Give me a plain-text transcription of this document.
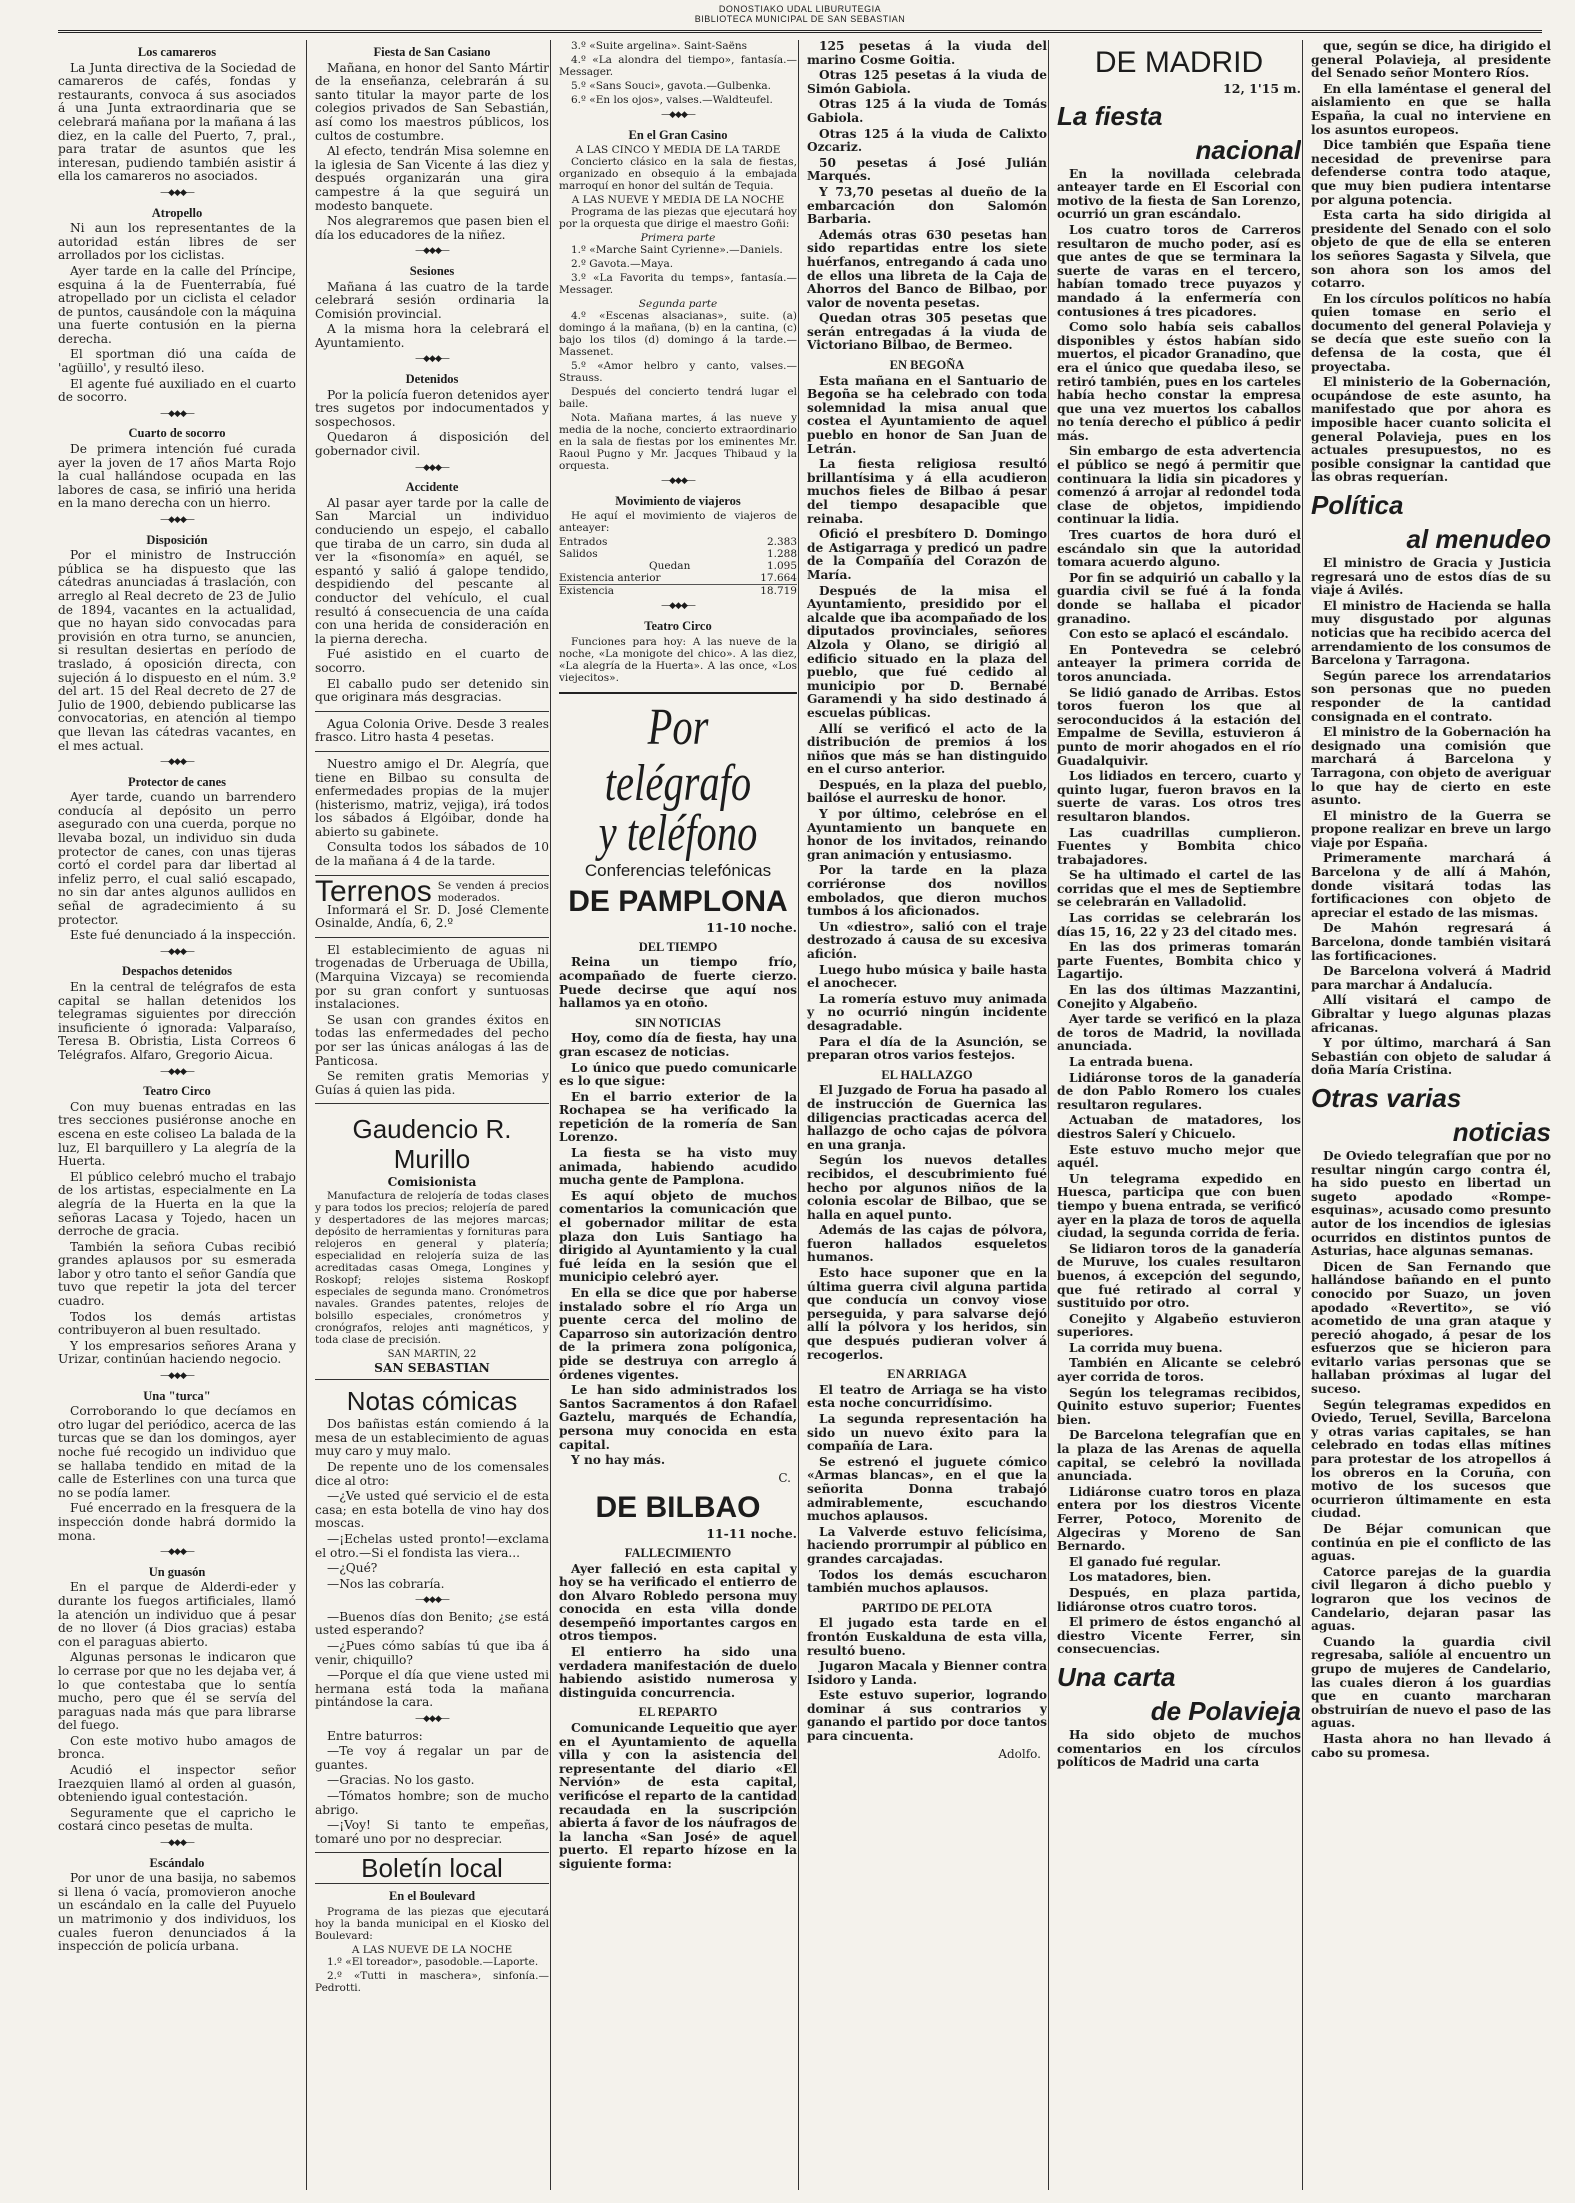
DONOSTIAKO UDAL LIBURUTEGIA
BIBLIOTECA MUNICIPAL DE SAN SEBASTIAN
Los camareros

La Junta directiva de la Sociedad de camareros de cafés, fondas y restaurants, convoca á sus asociados á una Junta extraordinaria que se celebrará mañana por la mañana á las diez, en la calle del Puerto, 7, pral., para tratar de asuntos que les interesan, pudiendo también asistir á ella los camareros no asociados.

—◆◆◆—
Atropello

Ni aun los representantes de la autoridad están libres de ser arrollados por los ciclistas.

Ayer tarde en la calle del Príncipe, esquina á la de Fuenterrabía, fué atropellado por un ciclista el celador de puntos, causándole con la máquina una fuerte contusión en la pierna derecha.

El sportman dió una caída de 'agüillo', y resultó ileso.

El agente fué auxiliado en el cuarto de socorro.

—◆◆◆—
Cuarto de socorro

De primera intención fué curada ayer la joven de 17 años Marta Rojo la cual hallándose ocupada en las labores de casa, se infirió una herida en la mano derecha con un hierro.

—◆◆◆—
Disposición

Por el ministro de Instrucción pública se ha dispuesto que las cátedras anunciadas á traslación, con arreglo al Real decreto de 23 de Julio de 1894, vacantes en la actualidad, que no hayan sido convocadas para provisión en otra turno, se anuncien, si resultan desiertas en período de traslado, á oposición directa, con sujeción á lo dispuesto en el núm. 3.º del art. 15 del Real decreto de 27 de Julio de 1900, debiendo publicarse las convocatorias, en atención al tiempo que llevan las cátedras vacantes, en el mes actual.

—◆◆◆—
Protector de canes

Ayer tarde, cuando un barrendero conducía al depósito un perro asegurado con una cuerda, porque no llevaba bozal, un individuo sin duda protector de canes, con unas tijeras cortó el cordel para dar libertad al infeliz perro, el cual salió escapado, no sin dar antes algunos aullidos en señal de agradecimiento á su protector.

Este fué denunciado á la inspección.

—◆◆◆—
Despachos detenidos

En la central de telégrafos de esta capital se hallan detenidos los telegramas siguientes por dirección insuficiente ó ignorada: Valparaíso, Teresa B. Obristia, Lista Correos 6 Telégrafos. Alfaro, Gregorio Aicua.

—◆◆◆—
Teatro Circo

Con muy buenas entradas en las tres secciones pusiéronse anoche en escena en este coliseo La balada de la luz, El barquillero y La alegría de la Huerta.

El público celebró mucho el trabajo de los artistas, especialmente en La alegría de la Huerta en la que la señoras Lacasa y Tojedo, hacen un derroche de gracia.

También la señora Cubas recibió grandes aplausos por su esmerada labor y otro tanto el señor Gandía que tuvo que repetir la jota del tercer cuadro.

Todos los demás artistas contribuyeron al buen resultado.

Y los empresarios señores Arana y Urizar, continúan haciendo negocio.

—◆◆◆—
Una "turca"

Corroborando lo que decíamos en otro lugar del periódico, acerca de las turcas que se dan los domingos, ayer noche fué recogido un individuo que se hallaba tendido en mitad de la calle de Esterlines con una turca que no se podía lamer.

Fué encerrado en la fresquera de la inspección donde habrá dormido la mona.

—◆◆◆—
Un guasón

En el parque de Alderdi-eder y durante los fuegos artificiales, llamó la atención un individuo que á pesar de no llover (á Dios gracias) estaba con el paraguas abierto.

Algunas personas le indicaron que lo cerrase por que no les dejaba ver, á lo que contestaba que lo sentía mucho, pero que él se servía del paraguas nada más que para librarse del fuego.

Con este motivo hubo amagos de bronca.

Acudió el inspector señor Iraezquien llamó al orden al guasón, obteniendo igual contestación.

Seguramente que el capricho le costará cinco pesetas de multa.

—◆◆◆—
Escándalo

Por unor de una basija, no sabemos si llena ó vacía, promovieron anoche un escándalo en la calle del Puyuelo un matrimonio y dos individuos, los cuales fueron denunciados á la inspección de policía urbana.

Fiesta de San Casiano

Mañana, en honor del Santo Mártir de la enseñanza, celebrarán á su santo titular la mayor parte de los colegios privados de San Sebastián, así como los maestros públicos, los cultos de costumbre.

Al efecto, tendrán Misa solemne en la iglesia de San Vicente á las diez y después organizarán una gira campestre á la que seguirá un modesto banquete.

Nos alegraremos que pasen bien el día los educadores de la niñez.

—◆◆◆—
Sesiones

Mañana á las cuatro de la tarde celebrará sesión ordinaria la Comisión provincial.

A la misma hora la celebrará el Ayuntamiento.

—◆◆◆—
Detenidos

Por la policía fueron detenidos ayer tres sugetos por indocumentados y sospechosos.

Quedaron á disposición del gobernador civil.

—◆◆◆—
Accidente

Al pasar ayer tarde por la calle de San Marcial un individuo conduciendo un espejo, el caballo que tiraba de un carro, sin duda al ver la «fisonomía» en aquél, se espantó y salió á galope tendido, despidiendo del pescante al conductor del vehículo, el cual resultó á consecuencia de una caída con una herida de consideración en la pierna derecha.

Fué asistido en el cuarto de socorro.

El caballo pudo ser detenido sin que originara más desgracias.

Agua Colonia Orive. Desde 3 reales frasco. Litro hasta 4 pesetas.

Nuestro amigo el Dr. Alegría, que tiene en Bilbao su consulta de enfermedades propias de la mujer (histerismo, matriz, vejiga), irá todos los sábados á Elgóibar, donde ha abierto su gabinete.

Consulta todos los sábados de 10 de la mañana á 4 de la tarde.

Terrenos Se venden á precios moderados.

Informará el Sr. D. José Clemente Osinalde, Andía, 6, 2.º

El establecimiento de aguas ni trogenadas de Urberuaga de Ubilla, (Marquina Vizcaya) se recomienda por su gran confort y suntuosas instalaciones.

Se usan con grandes éxitos en todas las enfermedades del pecho por ser las únicas análogas á las de Panticosa.

Se remiten gratis Memorias y Guías á quien las pida.

Gaudencio R. Murillo
Comisionista

Manufactura de relojería de todas clases y para todos los precios; relojería de pared y despertadores de las mejores marcas; depósito de herramientas y fornituras para relojeros en general y platería; especialidad en relojería suiza de las acreditadas casas Omega, Longines y Roskopf; relojes sistema Roskopf especiales de segunda mano. Cronómetros navales. Grandes patentes, relojes de bolsillo especiales, cronómetros y cronógrafos, relojes anti magnéticos, y toda clase de precisión.

SAN MARTIN, 22
SAN SEBASTIAN
Notas cómicas

Dos bañistas están comiendo á la mesa de un establecimiento de aguas muy caro y muy malo.

De repente uno de los comensales dice al otro:

—¿Ve usted qué servicio el de esta casa; en esta botella de vino hay dos moscas.

—¡Echelas usted pronto!—exclama el otro.—Si el fondista las viera...

—¿Qué?

—Nos las cobraría.

—◆◆◆—

—Buenos días don Benito; ¿se está usted esperando?

—¿Pues cómo sabías tú que iba á venir, chiquillo?

—Porque el día que viene usted mi hermana está toda la mañana pintándose la cara.

—◆◆◆—

Entre baturros:

—Te voy á regalar un par de guantes.

—Gracias. No los gasto.

—Tómatos hombre; son de mucho abrigo.

—¡Voy! Si tanto te empeñas, tomaré uno por no despreciar.

Boletín local
En el Boulevard

Programa de las piezas que ejecutará hoy la banda municipal en el Kiosko del Boulevard:

A LAS NUEVE DE LA NOCHE

1.º «El toreador», pasodoble.—Laporte.

2.º «Tutti in maschera», sinfonía.—Pedrotti.

3.º «Suite argelina». Saint-Saëns

4.º «La alondra del tiempo», fantasía.—Messager.

5.º «Sans Souci», gavota.—Gulbenka.

6.º «En los ojos», valses.—Waldteufel.

—◆◆◆—
En el Gran Casino
A LAS CINCO Y MEDIA DE LA TARDE

Concierto clásico en la sala de fiestas, organizado en obsequio á la embajada marroquí en honor del sultán de Tequia.

A LAS NUEVE Y MEDIA DE LA NOCHE

Programa de las piezas que ejecutará hoy por la orquesta que dirige el maestro Goñi:

Primera parte

1.º «Marche Saint Cyrienne».—Daniels.

2.º Gavota.—Maya.

3.º «La Favorita du temps», fantasía.—Messager.

Segunda parte

4.º «Escenas alsacianas», suite. (a) domingo á la mañana, (b) en la cantina, (c) bajo los tilos (d) domingo á la tarde.—Massenet.

5.º «Amor helbro y canto, valses.—Strauss.

Después del concierto tendrá lugar el baile.

Nota. Mañana martes, á las nueve y media de la noche, concierto extraordinario en la sala de fiestas por los eminentes Mr. Raoul Pugno y Mr. Jacques Thibaud y la orquesta.

—◆◆◆—
Movimiento de viajeros

He aquí el movimiento de viajeros de anteayer:

Entrados	2.383
Salidos	1.288
Quedan	1.095
Existencia anterior	17.664
Existencia	18.719
—◆◆◆—
Teatro Circo

Funciones para hoy: A las nueve de la noche, «La monigote del chico». A las diez, «La alegría de la Huerta». A las once, «Los viejecitos».

Por telégrafo
y teléfono
Conferencias telefónicas
DE PAMPLONA
11-10 noche.
DEL TIEMPO

Reina un tiempo frío, acompañado de fuerte cierzo. Puede decirse que aquí nos hallamos ya en otoño.

SIN NOTICIAS

Hoy, como día de fiesta, hay una gran escasez de noticias.

Lo único que puedo comunicarle es lo que sigue:

En el barrio exterior de la Rochapea se ha verificado la repetición de la romería de San Lorenzo.

La fiesta se ha visto muy animada, habiendo acudido mucha gente de Pamplona.

Es aquí objeto de muchos comentarios la comunicación que el gobernador militar de esta plaza don Luis Santiago ha dirigido al Ayuntamiento y la cual fué leída en la sesión que el municipio celebró ayer.

En ella se dice que por haberse instalado sobre el río Arga un puente cerca del molino de Caparroso sin autorización dentro de la primera zona polígonica, pide se destruya con arreglo á órdenes vigentes.

Le han sido administrados los Santos Sacramentos á don Rafael Gaztelu, marqués de Echandía, persona muy conocida en esta capital.

Y no hay más.

C.
DE BILBAO
11-11 noche.
FALLECIMIENTO

Ayer falleció en esta capital y hoy se ha verificado el entierro de don Alvaro Robledo persona muy conocida en esta villa donde desempeñó importantes cargos en otros tiempos.

El entierro ha sido una verdadera manifestación de duelo habiendo asistido numerosa y distinguida concurrencia.

EL REPARTO

Comunicande Lequeitio que ayer en el Ayuntamiento de aquella villa y con la asistencia del representante del diario «El Nervión» de esta capital, verificóse el reparto de la cantidad recaudada en la suscripción abierta á favor de los náufragos de la lancha «San José» de aquel puerto. El reparto hízose en la siguiente forma:

125 pesetas á la viuda del marino Cosme Goitia.

Otras 125 pesetas á la viuda de Simón Gabiola.

Otras 125 á la viuda de Tomás Gabiola.

Otras 125 á la viuda de Calixto Ozcariz.

50 pesetas á José Julián Marqués.

Y 73,70 pesetas al dueño de la embarcación don Salomón Barbaria.

Además otras 630 pesetas han sido repartidas entre los siete huérfanos, entregando á cada uno de ellos una libreta de la Caja de Ahorros del Banco de Bilbao, por valor de noventa pesetas.

Quedan otras 305 pesetas que serán entregadas á la viuda de Victoriano Bilbao, de Bermeo.

EN BEGOÑA

Esta mañana en el Santuario de Begoña se ha celebrado con toda solemnidad la misa anual que costea el Ayuntamiento de aquel pueblo en honor de San Juan de Letrán.

La fiesta religiosa resultó brillantísima y á ella acudieron muchos fieles de Bilbao á pesar del tiempo desapacible que reinaba.

Ofició el presbítero D. Domingo de Astigarraga y predicó un padre de la Compañía del Corazón de María.

Después de la misa el Ayuntamiento, presidido por el alcalde que iba acompañado de los diputados provinciales, señores Alzola y Olano, se dirigió al edificio situado en la plaza del pueblo, que fué cedido al municipio por D. Bernabé Garamendi y ha sido destinado á escuelas públicas.

Allí se verificó el acto de la distribución de premios á los niños que más se han distinguido en el curso anterior.

Después, en la plaza del pueblo, bailóse el aurresku de honor.

Y por último, celebróse en el Ayuntamiento un banquete en honor de los invitados, reinando gran animación y entusiasmo.

Por la tarde en la plaza corriéronse dos novillos embolados, que dieron muchos tumbos á los aficionados.

Un «diestro», salió con el traje destrozado á causa de su excesiva afición.

Luego hubo música y baile hasta el anochecer.

La romería estuvo muy animada y no ocurrió ningún incidente desagradable.

Para el día de la Asunción, se preparan otros varios festejos.

EL HALLAZGO

El Juzgado de Forua ha pasado al de instrucción de Guernica las diligencias practicadas acerca del hallazgo de ocho cajas de pólvora en una granja.

Según los nuevos detalles recibidos, el descubrimiento fué hecho por algunos niños de la colonia escolar de Bilbao, que se halla en aquel punto.

Además de las cajas de pólvora, fueron hallados esqueletos humanos.

Esto hace suponer que en la última guerra civil alguna partida que conducía un convoy viose perseguida, y para salvarse dejó allí la pólvora y los heridos, sin que después pudieran volver á recogerlos.

EN ARRIAGA

El teatro de Arriaga se ha visto esta noche concurridísimo.

La segunda representación ha sido un nuevo éxito para la compañía de Lara.

Se estrenó el juguete cómico «Armas blancas», en el que la señorita Donna trabajó admirablemente, escuchando muchos aplausos.

La Valverde estuvo felicísima, haciendo prorrumpir al público en grandes carcajadas.

Todos los demás escucharon también muchos aplausos.

PARTIDO DE PELOTA

El jugado esta tarde en el frontón Euskalduna de esta villa, resultó bueno.

Jugaron Macala y Bienner contra Isidoro y Landa.

Este estuvo superior, logrando dominar á sus contrarios y ganando el partido por doce tantos para cincuenta.

Adolfo.
DE MADRID
12, 1'15 m.
La fiesta
nacional

En la novillada celebrada anteayer tarde en El Escorial con motivo de la fiesta de San Lorenzo, ocurrió un gran escándalo.

Los cuatro toros de Carreros resultaron de mucho poder, así es que antes de que se terminara la suerte de varas en el tercero, habían tomado trece puyazos y mandado á la enfermería con contusiones á tres picadores.

Como solo había seis caballos disponibles y éstos habían sido muertos, el picador Granadino, que era el único que quedaba ileso, se retiró también, pues en los carteles había hecho constar la empresa que una vez muertos los caballos no tenía derecho el público á pedir más.

Sin embargo de esta advertencia el público se negó á permitir que continuara la lidia sin picadores y comenzó á arrojar al redondel toda clase de objetos, impidiendo continuar la lidia.

Tres cuartos de hora duró el escándalo sin que la autoridad tomara acuerdo alguno.

Por fin se adquirió un caballo y la guardia civil se fué á la fonda donde se hallaba el picador granadino.

Con esto se aplacó el escándalo.

En Pontevedra se celebró anteayer la primera corrida de toros anunciada.

Se lidió ganado de Arribas. Estos toros fueron los que al seroconducidos á la estación del Empalme de Sevilla, estuvieron á punto de morir ahogados en el río Guadalquivir.

Los lidiados en tercero, cuarto y quinto lugar, fueron bravos en la suerte de varas. Los otros tres resultaron blandos.

Las cuadrillas cumplieron. Fuentes y Bombita chico trabajadores.

Se ha ultimado el cartel de las corridas que el mes de Septiembre se celebrarán en Valladolid.

Las corridas se celebrarán los días 15, 16, 22 y 23 del citado mes.

En las dos primeras tomarán parte Fuentes, Bombita chico y Lagartijo.

En las dos últimas Mazzantini, Conejito y Algabeño.

Ayer tarde se verificó en la plaza de toros de Madrid, la novillada anunciada.

La entrada buena.

Lidiáronse toros de la ganadería de don Pablo Romero los cuales resultaron regulares.

Actuaban de matadores, los diestros Salerí y Chicuelo.

Este estuvo mucho mejor que aquél.

Un telegrama expedido en Huesca, participa que con buen tiempo y buena entrada, se verificó ayer en la plaza de toros de aquella ciudad, la segunda corrida de feria.

Se lidiaron toros de la ganadería de Muruve, los cuales resultaron buenos, á excepción del segundo, que fué retirado al corral y sustituido por otro.

Conejito y Algabeño estuvieron superiores.

La corrida muy buena.

También en Alicante se celebró ayer corrida de toros.

Según los telegramas recibidos, Quinito estuvo superior; Fuentes bien.

De Barcelona telegrafían que en la plaza de las Arenas de aquella capital, se celebró la novillada anunciada.

Lidiáronse cuatro toros en plaza entera por los diestros Vicente Ferrer, Potoco, Morenito de Algeciras y Moreno de San Bernardo.

El ganado fué regular.

Los matadores, bien.

Después, en plaza partida, lidiáronse otros cuatro toros.

El primero de éstos enganchó al diestro Vicente Ferrer, sin consecuencias.

Una carta
de Polavieja

Ha sido objeto de muchos comentarios en los círculos políticos de Madrid una carta

que, según se dice, ha dirigido el general Polavieja, al presidente del Senado señor Montero Ríos.

En ella laméntase el general del aislamiento en que se halla España, la cual no interviene en los asuntos europeos.

Dice también que España tiene necesidad de prevenirse para defenderse contra todo ataque, que muy bien pudiera intentarse por alguna potencia.

Esta carta ha sido dirigida al presidente del Senado con el solo objeto de que de ella se enteren los señores Sagasta y Silvela, que son ahora son los amos del cotarro.

En los círculos políticos no había quien tomase en serio el documento del general Polavieja y se decía que este sueño con la defensa de la costa, que él proyectaba.

El ministerio de la Gobernación, ocupándose de este asunto, ha manifestado que por ahora es imposible hacer cuanto solicita el general Polavieja, pues en los actuales presupuestos, no es posible consignar la cantidad que las obras requerían.

Política
al menudeo

El ministro de Gracia y Justicia regresará uno de estos días de su viaje á Avilés.

El ministro de Hacienda se halla muy disgustado por algunas noticias que ha recibido acerca del arrendamiento de los consumos de Barcelona y Tarragona.

Según parece los arrendatarios son personas que no pueden responder de la cantidad consignada en el contrato.

El ministro de la Gobernación ha designado una comisión que marchará á Barcelona y Tarragona, con objeto de averiguar lo que hay de cierto en este asunto.

El ministro de la Guerra se propone realizar en breve un largo viaje por España.

Primeramente marchará á Barcelona y de allí á Mahón, donde visitará todas las fortificaciones con objeto de apreciar el estado de las mismas.

De Mahón regresará á Barcelona, donde también visitará las fortificaciones.

De Barcelona volverá á Madrid para marchar á Andalucía.

Allí visitará el campo de Gibraltar y luego algunas plazas africanas.

Y por último, marchará á San Sebastián con objeto de saludar á doña María Cristina.

Otras varias
noticias

De Oviedo telegrafían que por no resultar ningún cargo contra él, ha sido puesto en libertad un sugeto apodado «Rompe-esquinas», acusado como presunto autor de los incendios de iglesias ocurridos en distintos puntos de Asturias, hace algunas semanas.

Dicen de San Fernando que hallándose bañando en el punto conocido por Suazo, un joven apodado «Revertito», se vió acometido de una gran ataque y pereció ahogado, á pesar de los esfuerzos que se hicieron para evitarlo varias personas que se hallaban próximas al lugar del suceso.

Según telegramas expedidos en Oviedo, Teruel, Sevilla, Barcelona y otras varias capitales, se han celebrado en todas ellas mítines para protestar de los atropellos á los obreros en la Coruña, con motivo de los sucesos que ocurrieron últimamente en esta ciudad.

De Béjar comunican que continúa en pie el conflicto de las aguas.

Catorce parejas de la guardia civil llegaron á dicho pueblo y lograron que los vecinos de Candelario, dejaran pasar las aguas.

Cuando la guardia civil regresaba, salióle al encuentro un grupo de mujeres de Candelario, las cuales dieron á los guardias que en cuanto marcharan obstruirían de nuevo el paso de las aguas.

Hasta ahora no han llevado á cabo su promesa.
